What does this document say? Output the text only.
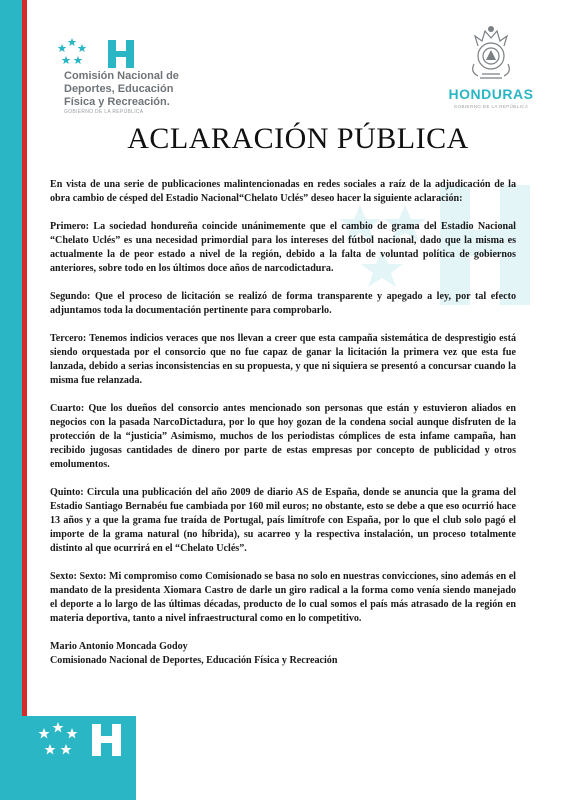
Comisión Nacional de
Deportes, Educación
Física y Recreación.
GOBIERNO DE LA REPÚBLICA
HONDURAS
GOBIERNO DE LA REPÚBLICA
ACLARACIÓN PÚBLICA

En vista de una serie de publicaciones malintencionadas en redes sociales a raíz de la adjudicación de la obra cambio de césped del Estadio Nacional“Chelato Uclés” deseo hacer la siguiente aclaración:

Primero: La sociedad hondureña coincide unánimemente que el cambio de grama del Estadio Nacional “Chelato Uclés” es una necesidad primordial para los intereses del fútbol nacional, dado que la misma es actualmente la de peor estado a nivel de la región, debido a la falta de voluntad política de gobiernos anteriores, sobre todo en los últimos doce años de narcodictadura.

Segundo: Que el proceso de licitación se realizó de forma transparente y apegado a ley, por tal efecto adjuntamos toda la documentación pertinente para comprobarlo.

Tercero: Tenemos indicios veraces que nos llevan a creer que esta campaña sistemática de desprestigio está siendo orquestada por el consorcio que no fue capaz de ganar la licitación la primera vez que esta fue lanzada, debido a serias inconsistencias en su propuesta, y que ni siquiera se presentó a concursar cuando la misma fue relanzada.

Cuarto: Que los dueños del consorcio antes mencionado son personas que están y estuvieron aliados en negocios con la pasada NarcoDictadura, por lo que hoy gozan de la condena social aunque disfruten de la protección de la “justicia” Asimismo, muchos de los periodistas cómplices de esta infame campaña, han recibido jugosas cantidades de dinero por parte de estas empresas por concepto de publicidad y otros emolumentos.

Quinto: Circula una publicación del año 2009 de diario AS de España, donde se anuncia que la grama del Estadio Santiago Bernabéu fue cambiada por 160 mil euros; no obstante, esto se debe a que eso ocurrió hace 13 años y a que la grama fue traída de Portugal, país limítrofe con España, por lo que el club solo pagó el importe de la grama natural (no híbrida), su acarreo y la respectiva instalación, un proceso totalmente distinto al que ocurrirá en el “Chelato Uclés”.

Sexto: Sexto: Mi compromiso como Comisionado se basa no solo en nuestras convicciones, sino además en el mandato de la presidenta Xiomara Castro de darle un giro radical a la forma como venía siendo manejado el deporte a lo largo de las últimas décadas, producto de lo cual somos el país más atrasado de la región en materia deportiva, tanto a nivel infraestructural como en lo competitivo.

Mario Antonio Moncada Godoy

Comisionado Nacional de Deportes, Educación Física y Recreación
